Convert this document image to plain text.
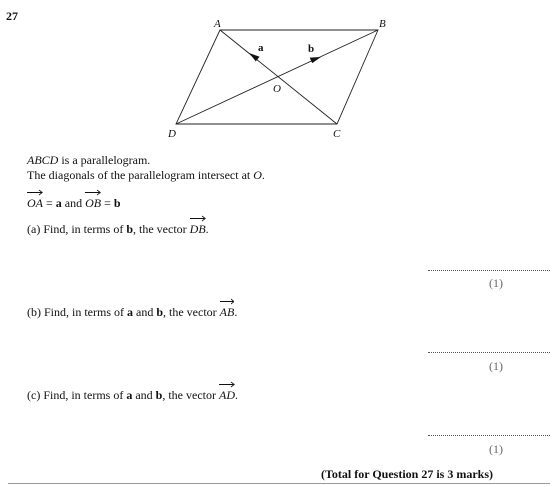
27
A	B
C
D
O
a	b
ABCD is a parallelogram.
The diagonals of the parallelogram intersect at O.
OA = a and
OB = b
(a) Find, in terms of b, the vector
DB.
(1)
(b) Find, in terms of a and b, the vector
AB.
(1)
(c) Find, in terms of a and b, the vector
AD.
(1)
(Total for Question 27 is 3 marks)
